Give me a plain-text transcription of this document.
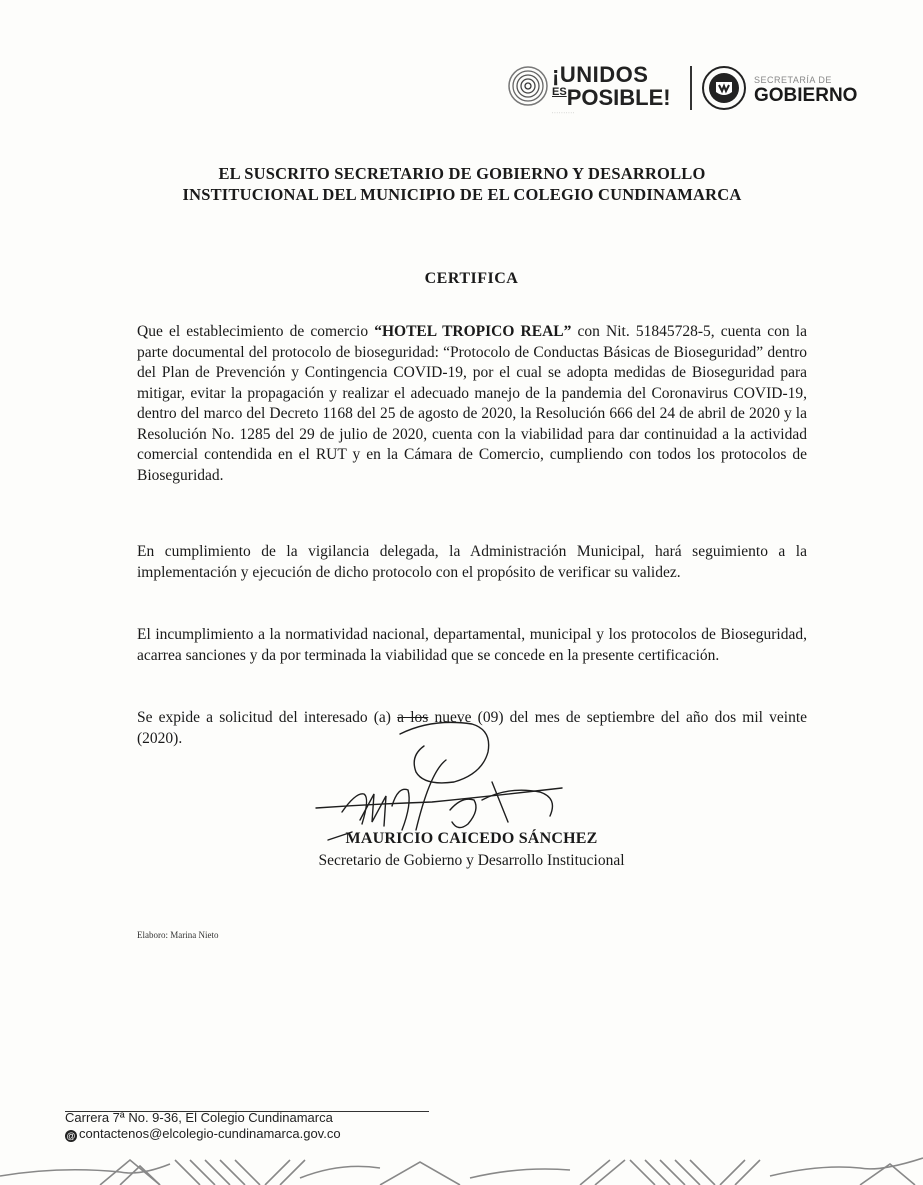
¡UNIDOS
ESPOSIBLE!
··········
SECRETARÍA DE
GOBIERNO
EL SUSCRITO SECRETARIO DE GOBIERNO Y DESARROLLO
INSTITUCIONAL DEL MUNICIPIO DE EL COLEGIO CUNDINAMARCA
CERTIFICA
Que el establecimiento de comercio “HOTEL TROPICO REAL” con Nit. 51845728-5, cuenta con la parte documental del protocolo de bioseguridad: “Protocolo de Conductas Básicas de Bioseguridad” dentro del Plan de Prevención y Contingencia COVID-19, por el cual se adopta medidas de Bioseguridad para mitigar, evitar la propagación y realizar el adecuado manejo de la pandemia del Coronavirus COVID-19, dentro del marco del Decreto 1168 del 25 de agosto de 2020, la Resolución 666 del 24 de abril de 2020 y la Resolución No. 1285 del 29 de julio de 2020, cuenta con la viabilidad para dar continuidad a la actividad comercial contendida en el RUT y en la Cámara de Comercio, cumpliendo con todos los protocolos de Bioseguridad.
En cumplimiento de la vigilancia delegada, la Administración Municipal, hará seguimiento a la implementación y ejecución de dicho protocolo con el propósito de verificar su validez.
El incumplimiento a la normatividad nacional, departamental, municipal y los protocolos de Bioseguridad, acarrea sanciones y da por terminada la viabilidad que se concede en la presente certificación.
Se expide a solicitud del interesado (a) a los nueve (09) del mes de septiembre del año dos mil veinte (2020).
MAURICIO CAICEDO SÁNCHEZ
Secretario de Gobierno y Desarrollo Institucional
Elaboro: Marina Nieto
Carrera 7ª No. 9-36, El Colegio Cundinamarca
@ contactenos@elcolegio-cundinamarca.gov.co
